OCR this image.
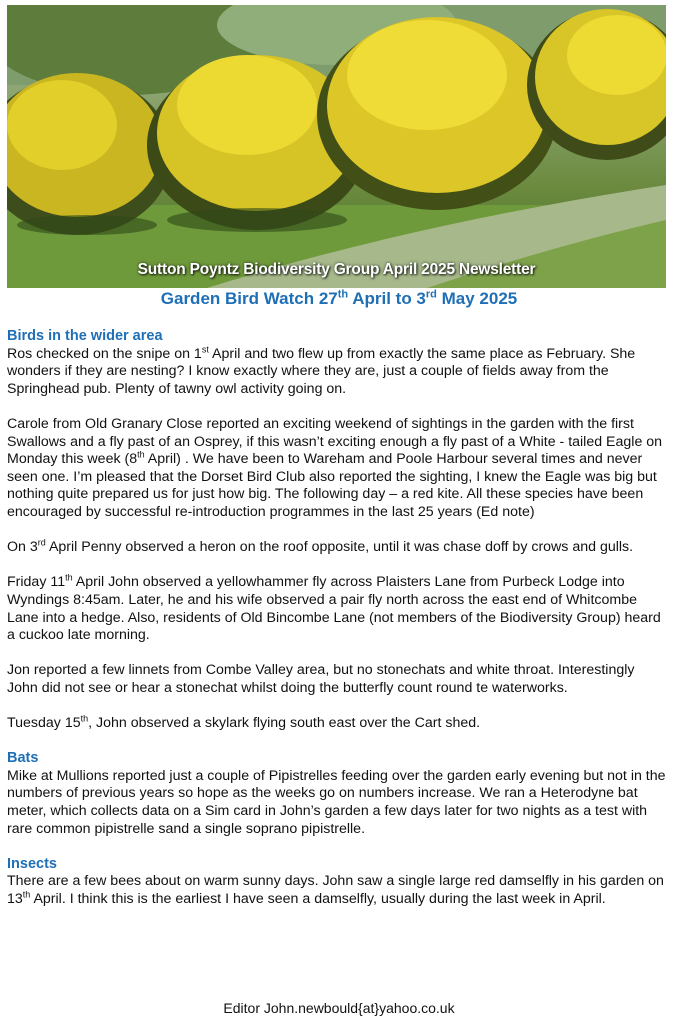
Sutton Poyntz Biodiversity Group April 2025 Newsletter
Garden Bird Watch 27th April to 3rd May 2025
Birds in the wider area

Ros checked on the snipe on 1st April and two flew up from exactly the same place as February. She wonders if they are nesting? I know exactly where they are, just a couple of fields away from the Springhead pub. Plenty of tawny owl activity going on.

Carole from Old Granary Close reported an exciting weekend of sightings in the garden with the first Swallows and a fly past of an Osprey, if this wasn’t exciting enough a fly past of a White - tailed Eagle on Monday this week (8th April) . We have been to Wareham and Poole Harbour several times and never seen one. I’m pleased that the Dorset Bird Club also reported the sighting, I knew the Eagle was big but nothing quite prepared us for just how big. The following day – a red kite. All these species have been encouraged by successful re-introduction programmes in the last 25 years (Ed note)

On 3rd April Penny observed a heron on the roof opposite, until it was chase doff by crows and gulls.

Friday 11th April John observed a yellowhammer fly across Plaisters Lane from Purbeck Lodge into Wyndings 8:45am. Later, he and his wife observed a pair fly north across the east end of Whitcombe Lane into a hedge. Also, residents of Old Bincombe Lane (not members of the Biodiversity Group) heard a cuckoo late morning.

Jon reported a few linnets from Combe Valley area, but no stonechats and white throat. Interestingly John did not see or hear a stonechat whilst doing the butterfly count round te waterworks.

Tuesday 15th, John observed a skylark flying south east over the Cart shed.

Bats

Mike at Mullions reported just a couple of Pipistrelles feeding over the garden early evening but not in the numbers of previous years so hope as the weeks go on numbers increase. We ran a Heterodyne bat meter, which collects data on a Sim card in John’s garden a few days later for two nights as a test with rare common pipistrelle sand a single soprano pipistrelle.

Insects

There are a few bees about on warm sunny days. John saw a single large red damselfly in his garden on 13th April. I think this is the earliest I have seen a damselfly, usually during the last week in April.

Editor John.newbould{at}yahoo.co.uk
